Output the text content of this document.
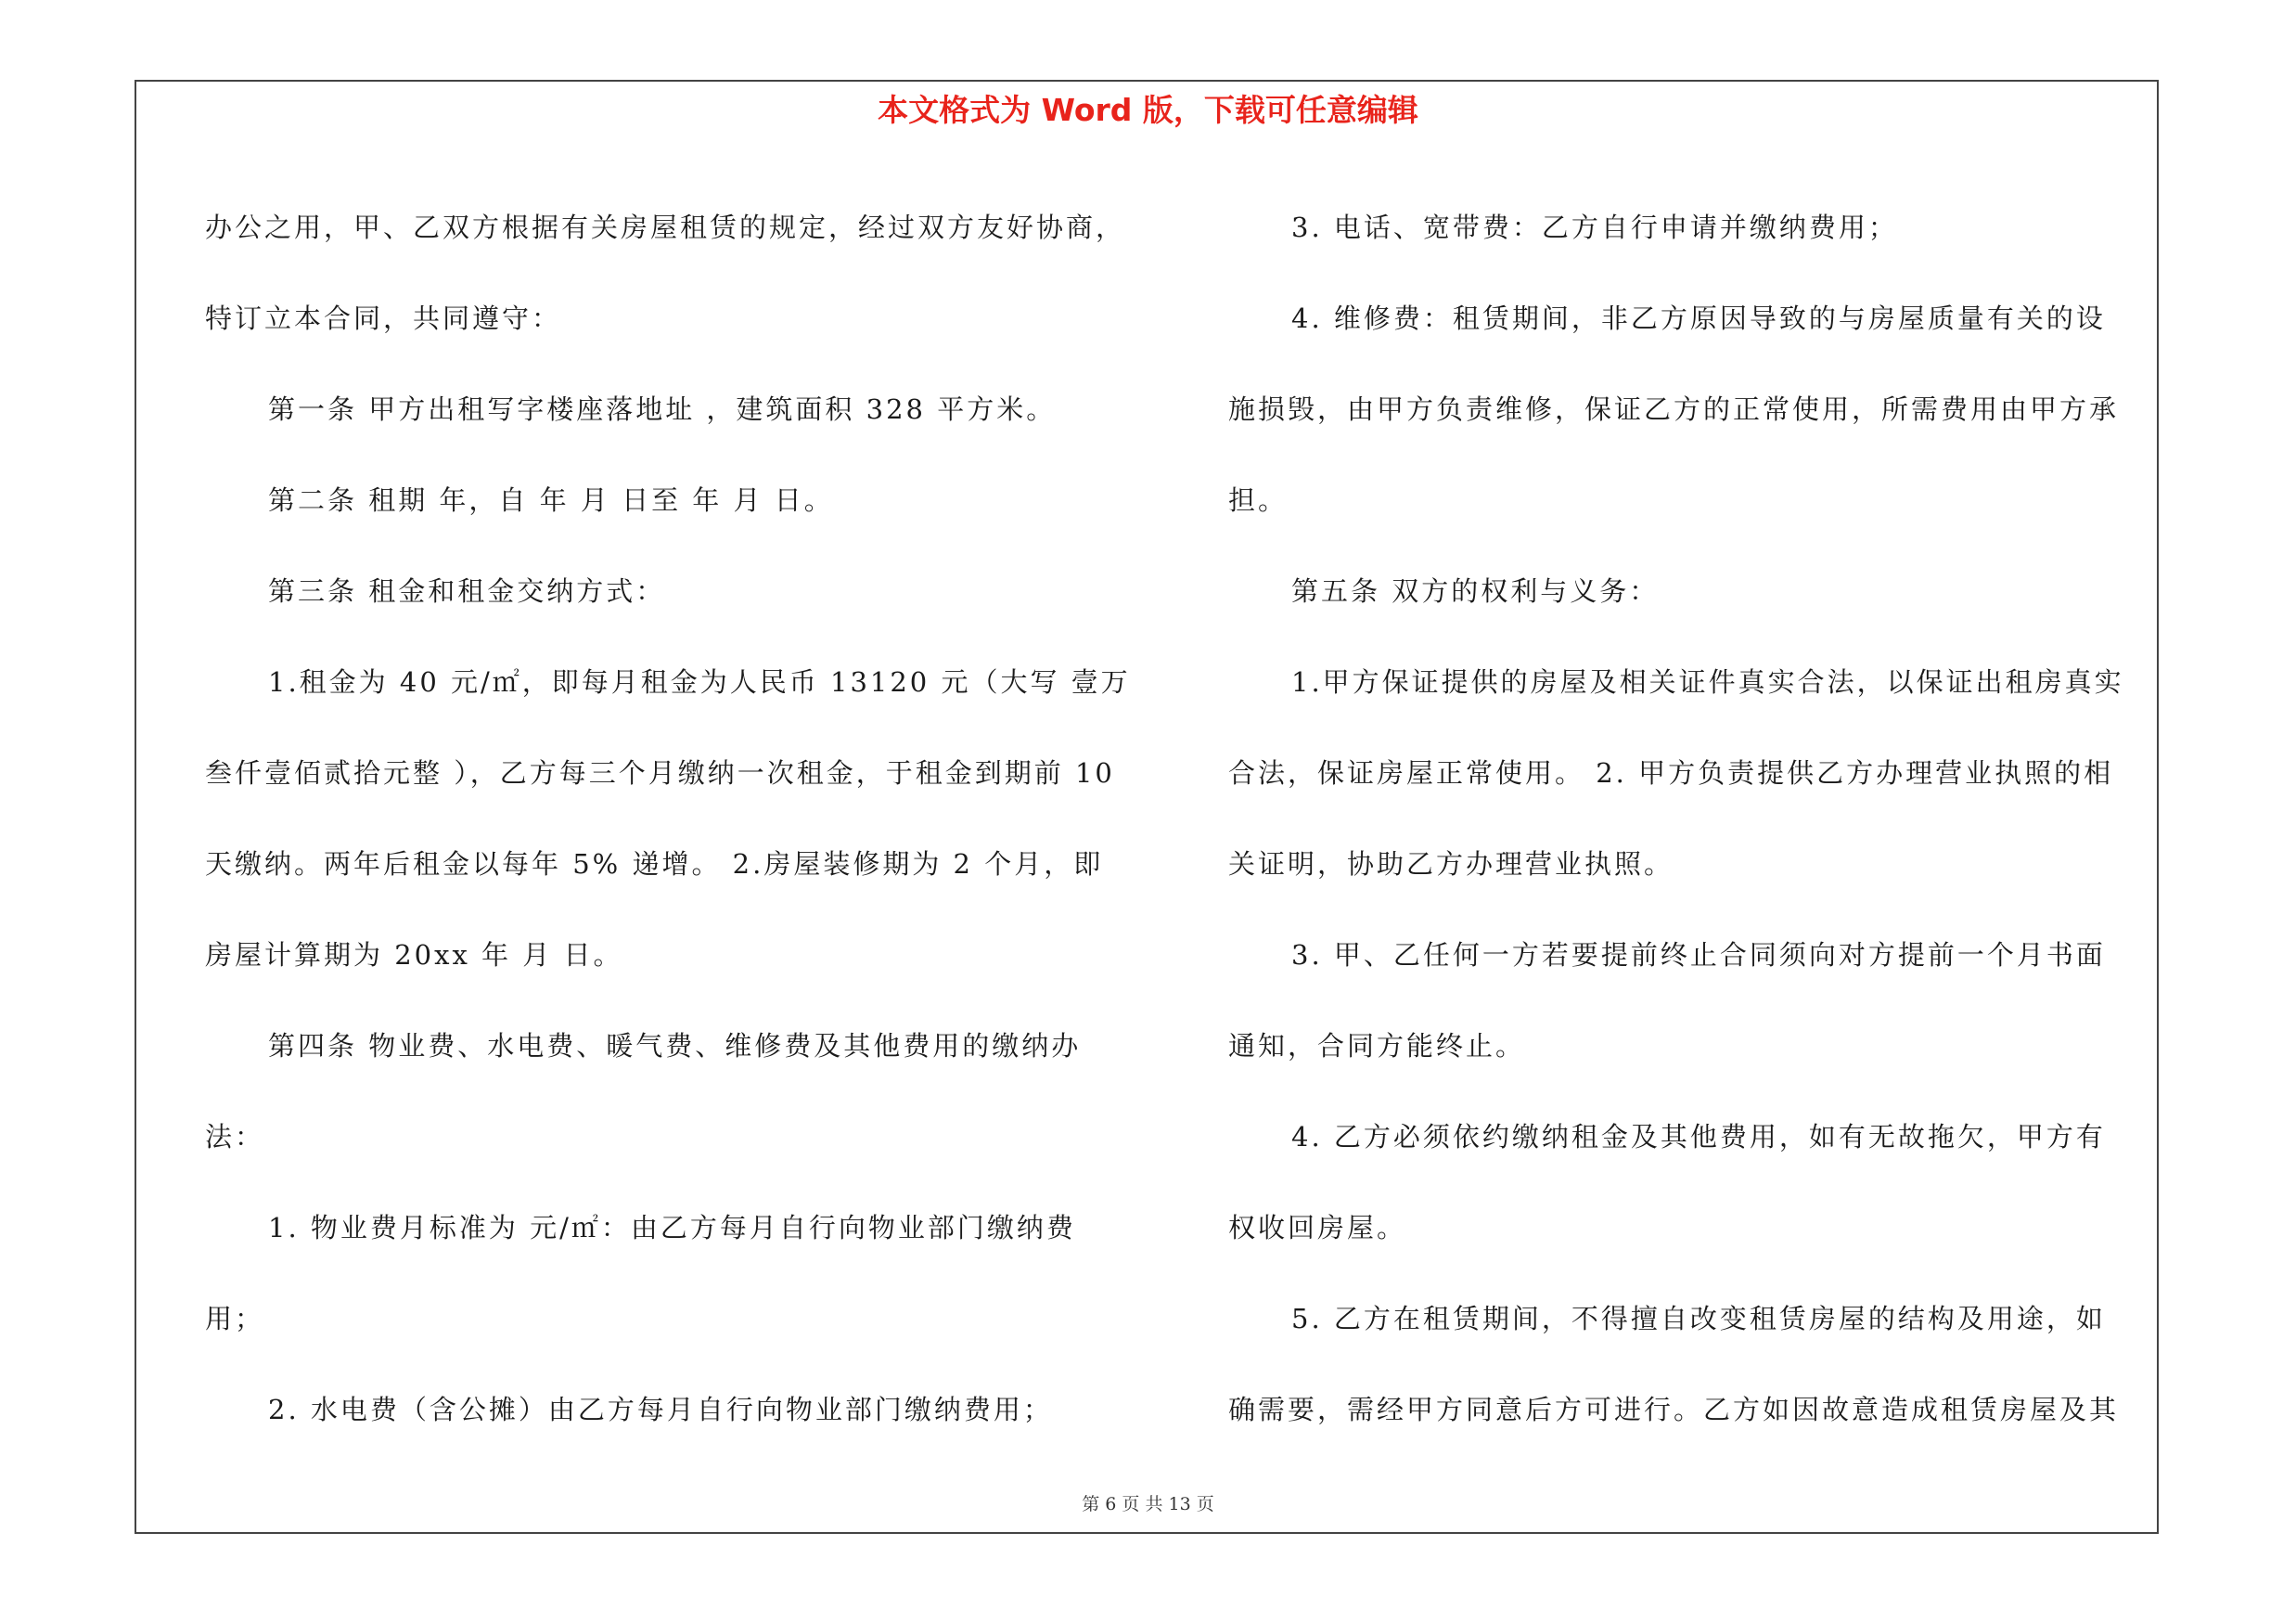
本文格式为 Word 版，下载可任意编辑

办公之用，甲、乙双方根据有关房屋租赁的规定，经过双方友好协商，

特订立本合同，共同遵守：

第一条 甲方出租写字楼座落地址 ，建筑面积 328 平方米。

第二条 租期 年，自 年 月 日至 年 月 日。

第三条 租金和租金交纳方式：

1.租金为 40 元/㎡，即每月租金为人民币 13120 元（大写 壹万

叁仟壹佰贰拾元整 ），乙方每三个月缴纳一次租金，于租金到期前 10

天缴纳。两年后租金以每年 5% 递增。 2.房屋装修期为 2 个月，即

房屋计算期为 20xx 年 月 日。

第四条 物业费、水电费、暖气费、维修费及其他费用的缴纳办

法：

1. 物业费月标准为 元/㎡：由乙方每月自行向物业部门缴纳费

用；

2. 水电费（含公摊）由乙方每月自行向物业部门缴纳费用；

3. 电话、宽带费：乙方自行申请并缴纳费用；

4. 维修费：租赁期间，非乙方原因导致的与房屋质量有关的设

施损毁，由甲方负责维修，保证乙方的正常使用，所需费用由甲方承

担。

第五条 双方的权利与义务：

1.甲方保证提供的房屋及相关证件真实合法，以保证出租房真实

合法，保证房屋正常使用。 2. 甲方负责提供乙方办理营业执照的相

关证明，协助乙方办理营业执照。

3. 甲、乙任何一方若要提前终止合同须向对方提前一个月书面

通知，合同方能终止。

4. 乙方必须依约缴纳租金及其他费用，如有无故拖欠，甲方有

权收回房屋。

5. 乙方在租赁期间，不得擅自改变租赁房屋的结构及用途，如

确需要，需经甲方同意后方可进行。乙方如因故意造成租赁房屋及其

第 6 页 共 13 页
